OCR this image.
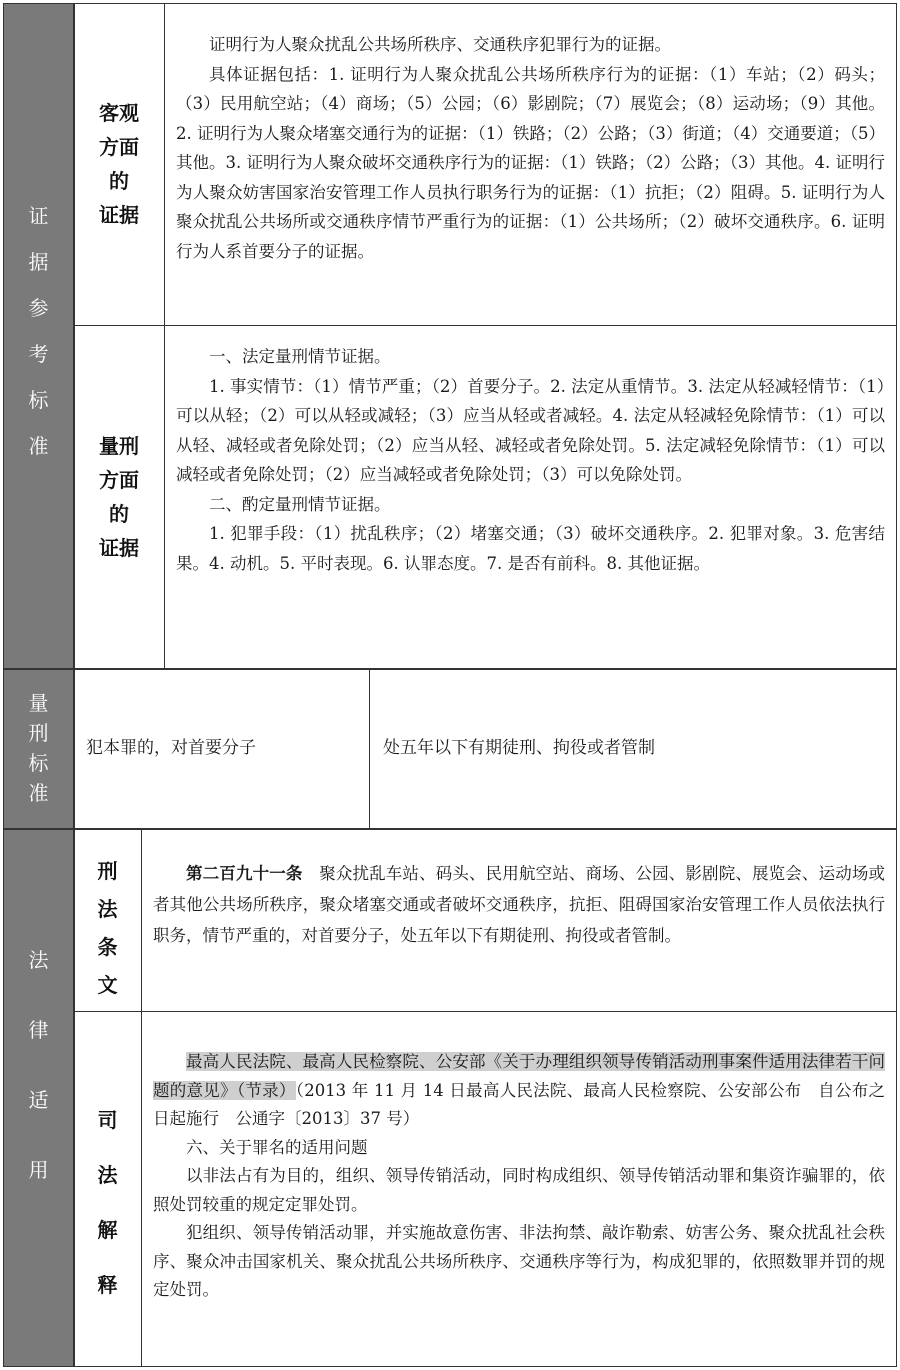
证
据
参
考
标
准
客观
方面
的
证据

证明行为人聚众扰乱公共场所秩序、交通秩序犯罪行为的证据。

具体证据包括：1. 证明行为人聚众扰乱公共场所秩序行为的证据：（1）车站；（2）码头；（3）民用航空站；（4）商场；（5）公园；（6）影剧院；（7）展览会；（8）运动场；（9）其他。2. 证明行为人聚众堵塞交通行为的证据：（1）铁路；（2）公路；（3）街道；（4）交通要道；（5）其他。3. 证明行为人聚众破坏交通秩序行为的证据：（1）铁路；（2）公路；（3）其他。4. 证明行为人聚众妨害国家治安管理工作人员执行职务行为的证据：（1）抗拒；（2）阻碍。5. 证明行为人聚众扰乱公共场所或交通秩序情节严重行为的证据：（1）公共场所；（2）破坏交通秩序。6. 证明行为人系首要分子的证据。

量刑
方面
的
证据

一、法定量刑情节证据。

1. 事实情节：（1）情节严重；（2）首要分子。2. 法定从重情节。3. 法定从轻减轻情节：（1）可以从轻；（2）可以从轻或减轻；（3）应当从轻或者减轻。4. 法定从轻减轻免除情节：（1）可以从轻、减轻或者免除处罚；（2）应当从轻、减轻或者免除处罚。5. 法定减轻免除情节：（1）可以减轻或者免除处罚；（2）应当减轻或者免除处罚；（3）可以免除处罚。

二、酌定量刑情节证据。

1. 犯罪手段：（1）扰乱秩序；（2）堵塞交通；（3）破坏交通秩序。2. 犯罪对象。3. 危害结果。4. 动机。5. 平时表现。6. 认罪态度。7. 是否有前科。8. 其他证据。

量
刑
标
准
犯本罪的，对首要分子	处五年以下有期徒刑、拘役或者管制
法
律
适
用
刑
法
条
文

第二百九十一条　 聚众扰乱车站、码头、民用航空站、商场、公园、影剧院、展览会、运动场或者其他公共场所秩序，聚众堵塞交通或者破坏交通秩序，抗拒、阻碍国家治安管理工作人员依法执行职务，情节严重的，对首要分子，处五年以下有期徒刑、拘役或者管制。

司
法
解
释

最高人民法院、最高人民检察院、公安部《关于办理组织领导传销活动刑事案件适用法律若干问题的意见》（节录）（2013 年 11 月 14 日最高人民法院、最高人民检察院、公安部公布　自公布之日起施行　公通字〔2013〕37 号）

六、关于罪名的适用问题

以非法占有为目的，组织、领导传销活动，同时构成组织、领导传销活动罪和集资诈骗罪的，依照处罚较重的规定定罪处罚。

犯组织、领导传销活动罪，并实施故意伤害、非法拘禁、敲诈勒索、妨害公务、聚众扰乱社会秩序、聚众冲击国家机关、聚众扰乱公共场所秩序、交通秩序等行为，构成犯罪的，依照数罪并罚的规定处罚。
